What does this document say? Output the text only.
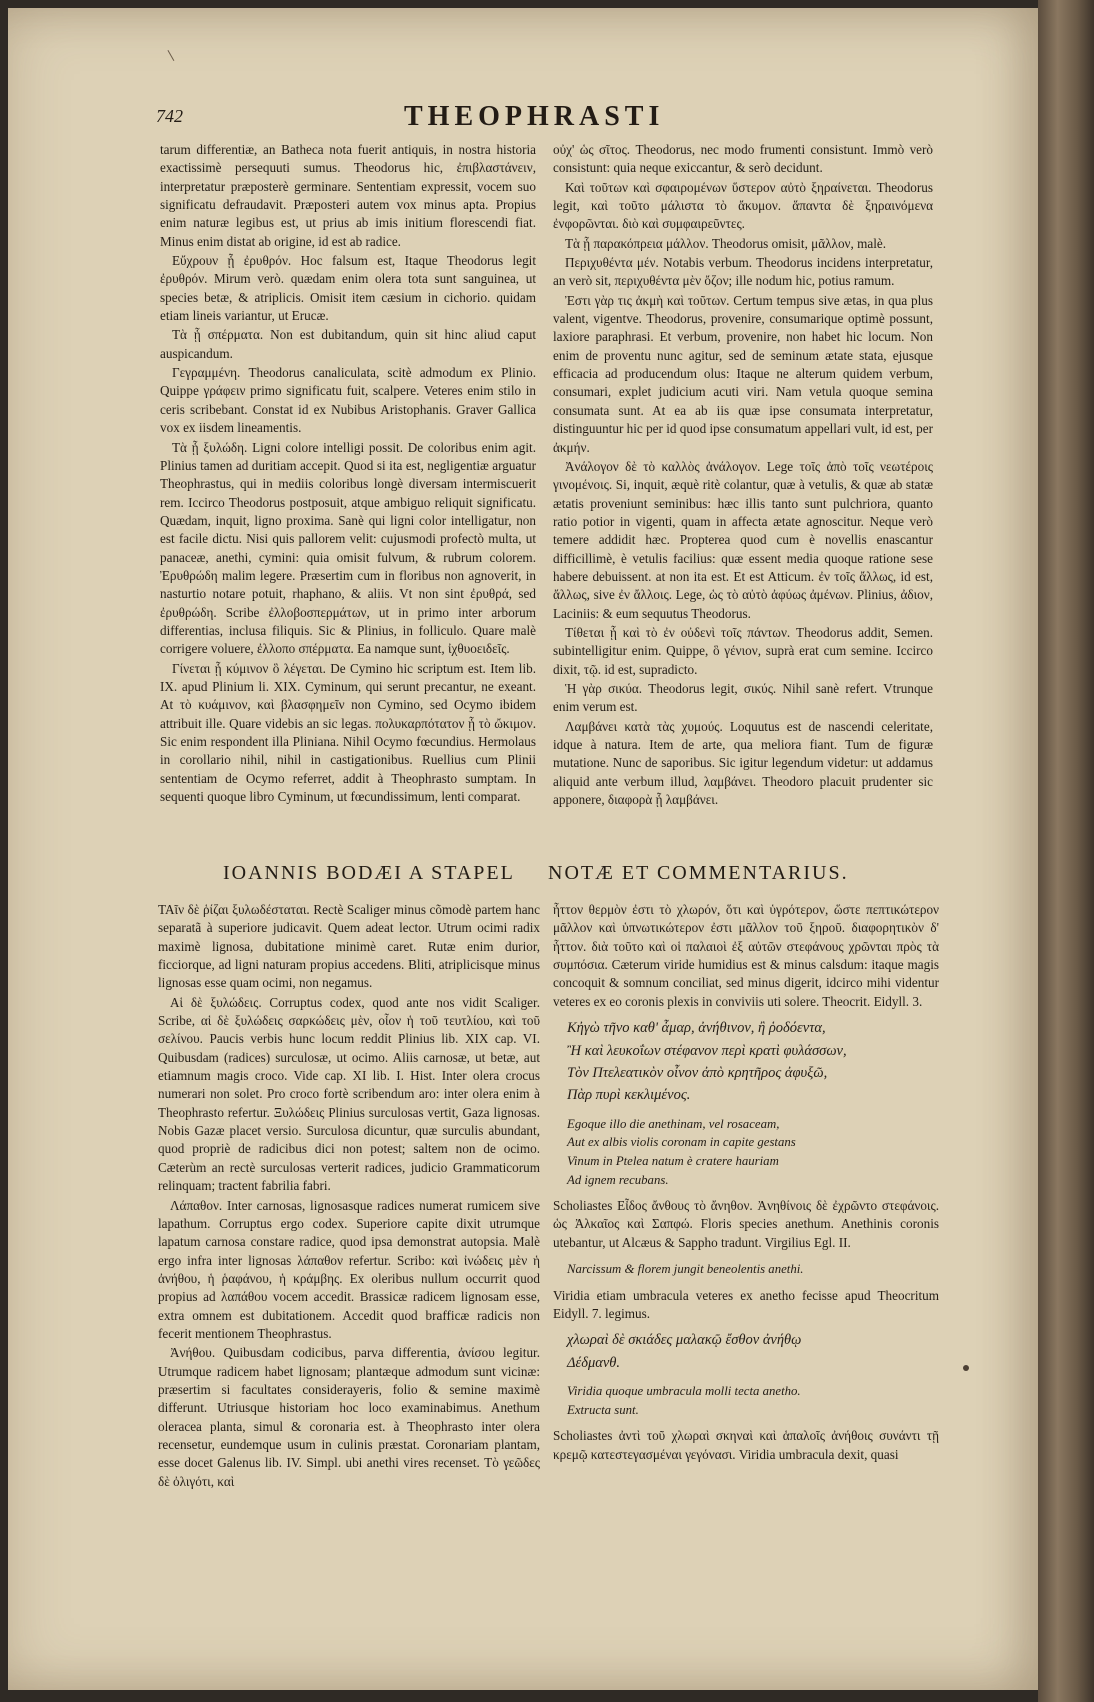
742	THEOPHRASTI

tarum differentiæ, an Batheca nota fuerit antiquis, in nostra historia exactissimè persequuti sumus. Theodorus hic, ἐπιβλαστάνειν, interpretatur præposterè germinare. Sententiam expressit, vocem suo significatu defraudavit. Præposteri autem vox minus apta. Propius enim naturæ legibus est, ut prius ab imis initium florescendi fiat. Minus enim distat ab origine, id est ab radice.

Εὔχρουν ᾗ ἐρυθρόν. Hoc falsum est, Itaque Theodorus legit ἐρυθρόν. Mirum verò. quædam enim olera tota sunt sanguinea, ut species betæ, & atriplicis. Omisit item cæsium in cichorio. quidam etiam lineis variantur, ut Erucæ.

Τὰ ᾗ σπέρματα. Non est dubitandum, quin sit hinc aliud caput auspicandum.

Γεγραμμένη. Theodorus canaliculata, scitè admodum ex Plinio. Quippe γράφειν primo significatu fuit, scalpere. Veteres enim stilo in ceris scribebant. Constat id ex Nubibus Aristophanis. Graver Gallica vox ex iisdem lineamentis.

Τὰ ᾗ ξυλώδη. Ligni colore intelligi possit. De coloribus enim agit. Plinius tamen ad duritiam accepit. Quod si ita est, negligentiæ arguatur Theophrastus, qui in mediis coloribus longè diversam intermiscuerit rem. Iccirco Theodorus postposuit, atque ambiguo reliquit significatu. Quædam, inquit, ligno proxima. Sanè qui ligni color intelligatur, non est facile dictu. Nisi quis pallorem velit: cujusmodi profectò multa, ut panaceæ, anethi, cymini: quia omisit fulvum, & rubrum colorem. Ἐρυθρώδη malim legere. Præsertim cum in floribus non agnoverit, in nasturtio notare potuit, rhaphano, & aliis. Vt non sint ἐρυθρά, sed ἐρυθρώδη. Scribe ἐλλοβοσπερμάτων, ut in primo inter arborum differentias, inclusa filiquis. Sic & Plinius, in folliculo. Quare malè corrigere voluere, ἐλλοπο σπέρματα. Ea namque sunt, ἰχθυοειδεῖς.

Γίνεται ᾗ κύμινον ὃ λέγεται. De Cymino hic scriptum est. Item lib. IX. apud Plinium li. XIX. Cyminum, qui serunt precantur, ne exeant. At τὸ κυάμινον, καὶ βλασφημεῖν non Cymino, sed Ocymo ibidem attribuit ille. Quare videbis an sic legas. πολυκαρπότατον ᾗ τὸ ὤκιμον. Sic enim respondent illa Pliniana. Nihil Ocymo fœcundius. Hermolaus in corollario nihil, nihil in castigationibus. Ruellius cum Plinii sententiam de Ocymo referret, addit à Theophrasto sumptam. In sequenti quoque libro Cyminum, ut fœcundissimum, lenti comparat.

οὐχ' ὡς σῖτος. Theodorus, nec modo frumenti consistunt. Immò verò consistunt: quia neque exiccantur, & serò decidunt.

Καὶ τοῦτων καὶ σφαιρομένων ὕστερον αὐτὸ ξηραίνεται. Theodorus legit, καὶ τοῦτο μάλιστα τὸ ἄκυμον. ἅπαντα δὲ ξηραινόμενα ἐνφορῶνται. διὸ καὶ συμφαιρεῦντες.

Τὰ ᾗ παρακόπρεια μάλλον. Theodorus omisit, μᾶλλον, malè.

Περιχυθέντα μέν. Notabis verbum. Theodorus incidens interpretatur, an verò sit, περιχυθέντα μὲν ὄζον; ille nodum hic, potius ramum.

Ἐστι γὰρ τις ἀκμὴ καὶ τοῦτων. Certum tempus sive ætas, in qua plus valent, vigentve. Theodorus, provenire, consumarique optimè possunt, laxiore paraphrasi. Et verbum, provenire, non habet hic locum. Non enim de proventu nunc agitur, sed de seminum ætate stata, ejusque efficacia ad producendum olus: Itaque ne alterum quidem verbum, consumari, explet judicium acuti viri. Nam vetula quoque semina consumata sunt. At ea ab iis quæ ipse consumata interpretatur, distinguuntur hic per id quod ipse consumatum appellari vult, id est, per ἀκμήν.

Ἀνάλογον δὲ τὸ καλλὸς ἀνάλογον. Lege τοῖς ἀπὸ τοῖς νεωτέροις γινομένοις. Si, inquit, æquè ritè colantur, quæ à vetulis, & quæ ab statæ ætatis proveniunt seminibus: hæc illis tanto sunt pulchriora, quanto ratio potior in vigenti, quam in affecta ætate agnoscitur. Neque verò temere addidit hæc. Propterea quod cum è novellis enascantur difficillimè, è vetulis facilius: quæ essent media quoque ratione sese habere debuissent. at non ita est. Et est Atticum. ἐν τοῖς ἄλλως, id est, ἄλλως, sive ἐν ἄλλοις. Lege, ὡς τὸ αὐτὸ ἀφύως ἀμένων. Plinius, ἀδιον, Laciniis: & eum sequutus Theodorus.

Τίθεται ᾗ καὶ τὸ ἐν οὐδενὶ τοῖς πάντων. Theodorus addit, Semen. subintelligitur enim. Quippe, ὃ γένιον, suprà erat cum semine. Iccirco dixit, τῷ. id est, supradicto.

Ἡ γὰρ σικύα. Theodorus legit, σικύς. Nihil sanè refert. Vtrunque enim verum est.

Λαμβάνει κατὰ τὰς χυμούς. Loquutus est de nascendi celeritate, idque à natura. Item de arte, qua meliora fiant. Tum de figuræ mutatione. Nunc de saporibus. Sic igitur legendum videtur: ut addamus aliquid ante verbum illud, λαμβάνει. Theodoro placuit prudenter sic apponere, διαφορὰ ᾗ λαμβάνει.

IOANNIS BODÆI A STAPEL NOTÆ ET COMMENTARIUS.

ΤΑῖν δὲ ῥίζαι ξυλωδέσταται. Rectè Scaliger minus cõmodè partem hanc separatã à superiore judicavit. Quem adeat lector. Utrum ocimi radix maximè lignosa, dubitatione minimè caret. Rutæ enim durior, ficciorque, ad ligni naturam propius accedens. Bliti, atriplicisque minus lignosas esse quam ocimi, non negamus.

Αἱ δὲ ξυλώδεις. Corruptus codex, quod ante nos vidit Scaliger. Scribe, αἱ δὲ ξυλώδεις σαρκώδεις μὲν, οἷον ἡ τοῦ τευτλίου, καὶ τοῦ σελίνου. Paucis verbis hunc locum reddit Plinius lib. XIX cap. VI. Quibusdam (radices) surculosæ, ut ocimo. Aliis carnosæ, ut betæ, aut etiamnum magis croco. Vide cap. XI lib. I. Hist. Inter olera crocus numerari non solet. Pro croco fortè scribendum aro: inter olera enim à Theophrasto refertur. Ξυλώδεις Plinius surculosas vertit, Gaza lignosas. Nobis Gazæ placet versio. Surculosa dicuntur, quæ surculis abundant, quod propriè de radicibus dici non potest; saltem non de ocimo. Cæterùm an rectè surculosas verterit radices, judicio Grammaticorum relinquam; tractent fabrilia fabri.

Λάπαθον. Inter carnosas, lignosasque radices numerat rumicem sive lapathum. Corruptus ergo codex. Superiore capite dixit utrumque lapatum carnosa constare radice, quod ipsa demonstrat autopsia. Malè ergo infra inter lignosas λάπαθον refertur. Scribo: καὶ ἰνώδεις μὲν ἡ ἀνήθου, ἡ ῥαφάνου, ἡ κράμβης. Ex oleribus nullum occurrit quod propius ad λαπάθου vocem accedit. Brassicæ radicem lignosam esse, extra omnem est dubitationem. Accedit quod brafficæ radicis non fecerit mentionem Theophrastus.

Ἀνήθου. Quibusdam codicibus, parva differentia, ἀνίσου legitur. Utrumque radicem habet lignosam; plantæque admodum sunt vicinæ: præsertim si facultates considerayeris, folio & semine maximè differunt. Utriusque historiam hoc loco examinabimus. Anethum oleracea planta, simul & coronaria est. à Theophrasto inter olera recensetur, eundemque usum in culinis præstat. Coronariam plantam, esse docet Galenus lib. IV. Simpl. ubi anethi vires recenset. Τὸ γεῶδες δὲ ὀλιγότι, καὶ

ἧττον θερμὸν ἐστι τὸ χλωρόν, ὅτι καὶ ὑγρότερον, ὥστε πεπτικώτερον μᾶλλον καὶ ὑπνωτικώτερον ἐστι μᾶλλον τοῦ ξηροῦ. διαφορητικὸν δ' ἧττον. διὰ τοῦτο καὶ οἱ παλαιοὶ ἐξ αὐτῶν στεφάνους χρῶνται πρὸς τὰ συμπόσια. Cæterum viride humidius est & minus calsdum: itaque magis concoquit & somnum conciliat, sed minus digerit, idcirco mihi videntur veteres ex eo coronis plexis in conviviis uti solere. Theocrit. Eidyll. 3.

Κἠγὼ τῆνο καθ' ἆμαρ, ἀνήθινον, ἢ ῥοδόεντα,
Ἢ καὶ λευκοΐων στέφανον περὶ κρατὶ φυλάσσων,
Τὸν Πτελεατικὸν οἶνον ἀπὸ κρητῆρος ἀφυξῶ,
Πὰρ πυρὶ κεκλιμένος.
Egoque illo die anethinam, vel rosaceam,
Aut ex albis violis coronam in capite gestans
Vinum in Ptelea natum è cratere hauriam
Ad ignem recubans.

Scholiastes Εἶδος ἄνθους τὸ ἄνηθον. Ἀνηθίνοις δὲ ἐχρῶντο στεφάνοις. ὡς Ἀλκαῖος καὶ Σαπφώ. Floris species anethum. Anethinis coronis utebantur, ut Alcæus & Sappho tradunt. Virgilius Egl. II.

Narcissum & florem jungit beneolentis anethi.

Viridia etiam umbracula veteres ex anetho fecisse apud Theocritum Eidyll. 7. legimus.

χλωραὶ δὲ σκιάδες μαλακῷ ἔσθον ἀνήθῳ
Δέδμανθ.
Viridia quoque umbracula molli tecta anetho.
Extructa sunt.

Scholiastes ἀντὶ τοῦ χλωραὶ σκηναὶ καὶ ἁπαλοῖς ἀνήθοις συνάντι τῇ κρεμῷ κατεστεγασμέναι γεγόνασι. Viridia umbracula dexit, quasi
